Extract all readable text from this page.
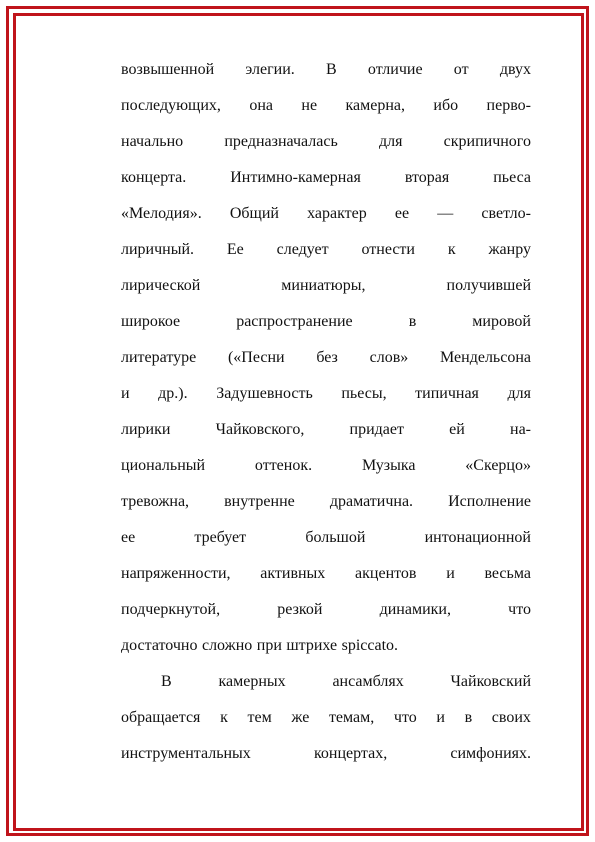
возвышенной элегии. В отличие от двух
последующих, она не камерна, ибо перво-
начально	предназначалась	для	скрипичного
концерта.	Интимно-камерная	вторая	пьеса
«Мелодия». Общий характер ее — светло-
лиричный. Ее следует отнести к жанру
лирической	миниатюры,	получившей
широкое	распространение	в	мировой
литературе («Песни без слов» Мендельсона
и др.). Задушевность пьесы, типичная для
лирики	Чайковского,	придает	ей	на-
циональный	оттенок.	Музыка	«Скерцо»
тревожна, внутренне драматична. Исполнение
ее	требует	большой	интонационной
напряженности, активных акцентов и весьма
подчеркнутой,	резкой	динамики,	что
достаточно сложно при штрихе spiccato.
В	камерных	ансамблях	Чайковский
обращается к тем же темам, что и в своих
инструментальных	концертах,	симфониях.
